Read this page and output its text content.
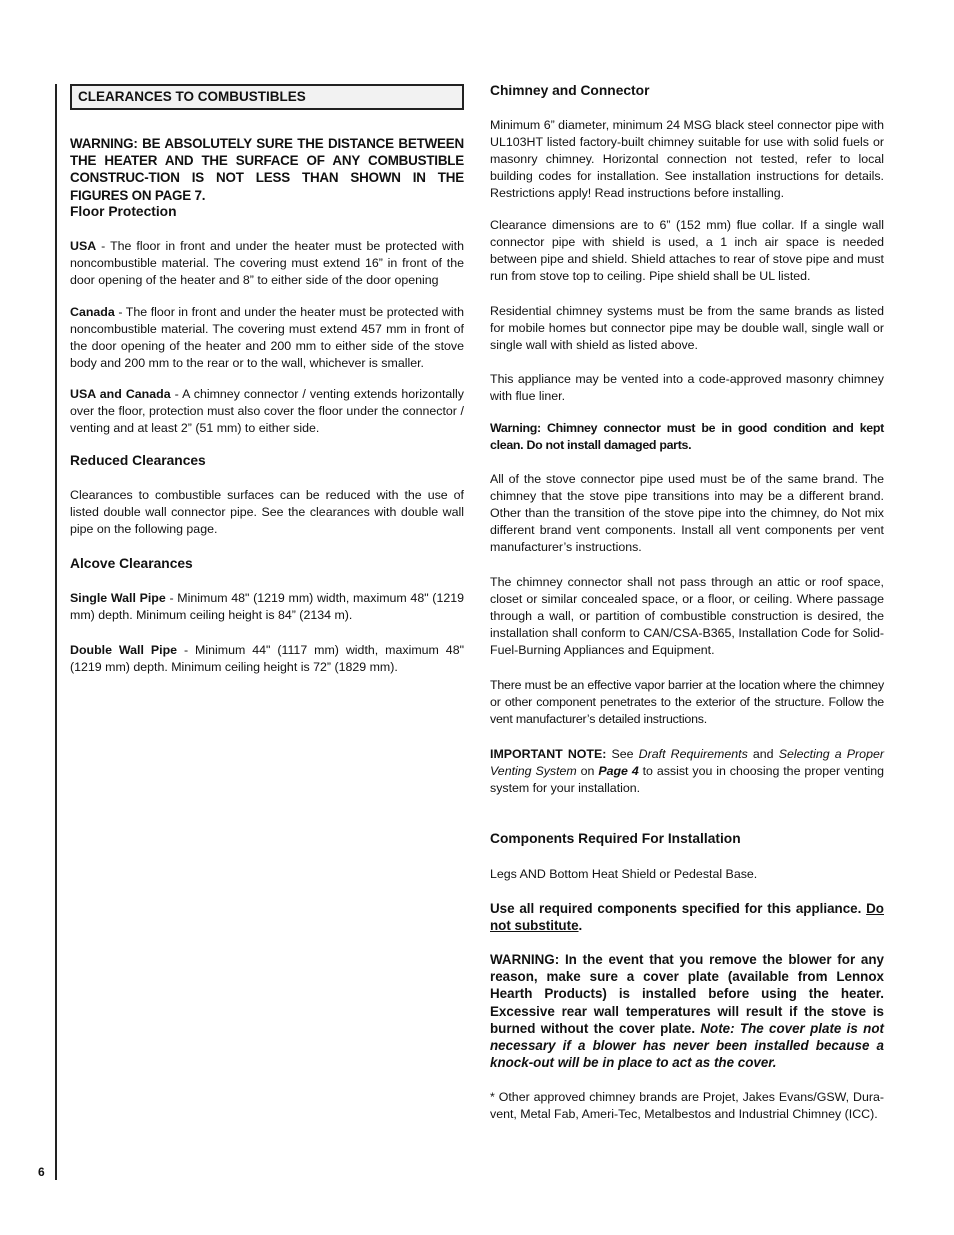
6
CLEARANCES TO COMBUSTIBLES

WARNING: BE ABSOLUTELY SURE THE DISTANCE BETWEEN THE HEATER AND THE SURFACE OF ANY COMBUSTIBLE CONSTRUC-TION IS NOT LESS THAN SHOWN IN THE FIGURES ON PAGE 7.

Floor Protection

USA - The floor in front and under the heater must be protected with noncombustible material. The covering must extend 16” in front of the door opening of the heater and 8” to either side of the door opening

Canada - The floor in front and under the heater must be protected with noncombustible material. The covering must extend 457 mm in front of the door opening of the heater and 200 mm to either side of the stove body and 200 mm to the rear or to the wall, whichever is smaller.

USA and Canada - A chimney connector / venting extends horizontally over the floor, protection must also cover the floor under the connector / venting and at least 2” (51 mm) to either side.

Reduced Clearances

Clearances to combustible surfaces can be reduced with the use of listed double wall connector pipe. See the clearances with double wall pipe on the following page.

Alcove Clearances

Single Wall Pipe - Minimum 48" (1219 mm) width, maximum 48" (1219 mm) depth. Minimum ceiling height is 84” (2134 m).

Double Wall Pipe - Minimum 44" (1117 mm) width, maximum 48" (1219 mm) depth. Minimum ceiling height is 72” (1829 mm).

Chimney and Connector

Minimum 6” diameter, minimum 24 MSG black steel connector pipe with UL103HT listed factory-built chimney suitable for use with solid fuels or masonry chimney. Horizontal connection not tested, refer to local building codes for installation. See installation instructions for details. Restrictions apply! Read instructions before installing.

Clearance dimensions are to 6” (152 mm) flue collar. If a single wall connector pipe with shield is used, a 1 inch air space is needed between pipe and shield. Shield attaches to rear of stove pipe and must run from stove top to ceiling. Pipe shield shall be UL listed.

Residential chimney systems must be from the same brands as listed for mobile homes but connector pipe may be double wall, single wall or single wall with shield as listed above.

This appliance may be vented into a code-approved masonry chimney with flue liner.

Warning: Chimney connector must be in good condition and kept clean. Do not install damaged parts.

All of the stove connector pipe used must be of the same brand. The chimney that the stove pipe transitions into may be a different brand. Other than the transition of the stove pipe into the chimney, do Not mix different brand vent components. Install all vent components per vent manufacturer’s instructions.

The chimney connector shall not pass through an attic or roof space, closet or similar concealed space, or a floor, or ceiling. Where passage through a wall, or partition of combustible construction is desired, the installation shall conform to CAN/CSA-B365, Installation Code for Solid-Fuel-Burning Appliances and Equipment.

There must be an effective vapor barrier at the location where the chimney or other component penetrates to the exterior of the structure. Follow the vent manufacturer’s detailed instructions.

IMPORTANT NOTE: See Draft Requirements and Selecting a Proper Venting System on Page 4 to assist you in choosing the proper venting system for your installation.

Components Required For Installation

Legs AND Bottom Heat Shield or Pedestal Base.

Use all required components specified for this appliance. Do not substitute.

WARNING: In the event that you remove the blower for any reason, make sure a cover plate (available from Lennox Hearth Products) is installed before using the heater. Excessive rear wall temperatures will result if the stove is burned without the cover plate. Note: The cover plate is not necessary if a blower has never been installed because a knock-out will be in place to act as the cover.

* Other approved chimney brands are Projet, Jakes Evans/GSW, Dura-vent, Metal Fab, Ameri-Tec, Metalbestos and Industrial Chimney (ICC).
